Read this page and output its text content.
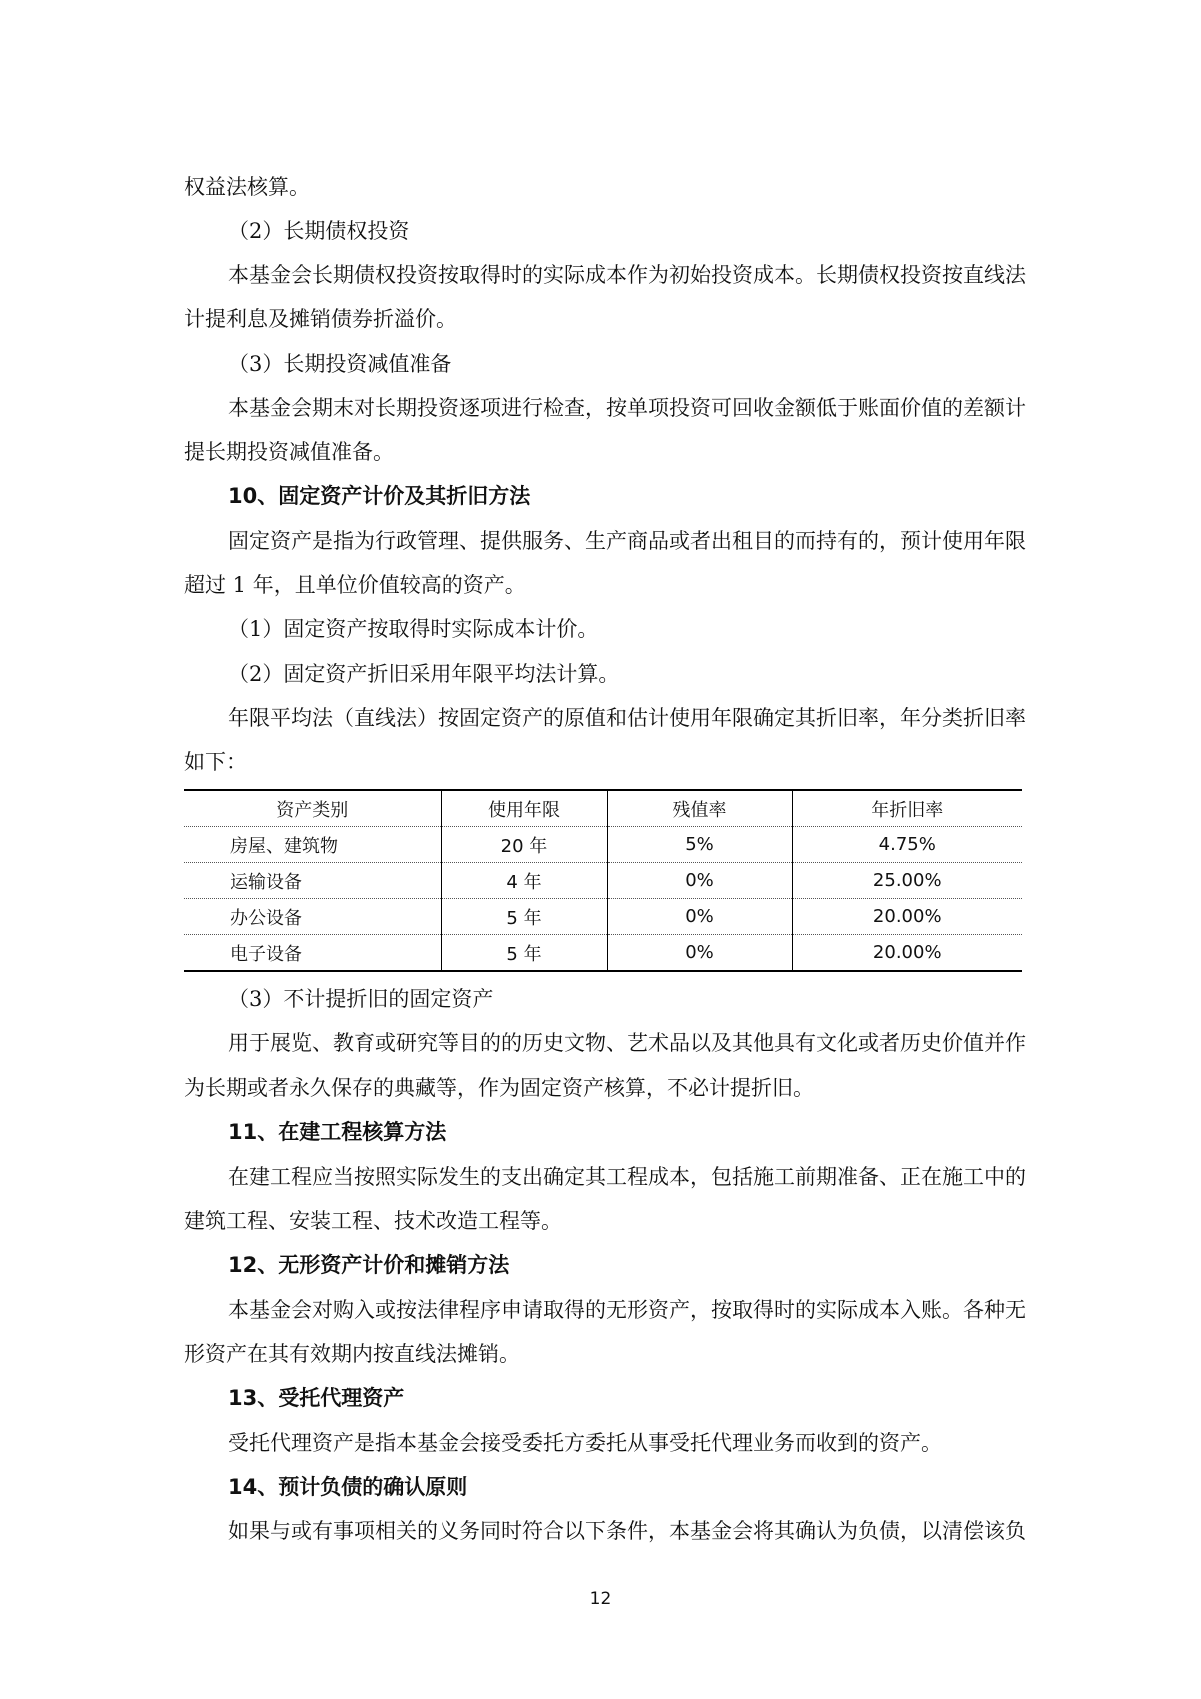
权益法核算。
（2）长期债权投资
本基金会长期债权投资按取得时的实际成本作为初始投资成本。长期债权投资按直线法
计提利息及摊销债券折溢价。
（3）长期投资减值准备
本基金会期末对长期投资逐项进行检查，按单项投资可回收金额低于账面价值的差额计
提长期投资减值准备。
10、固定资产计价及其折旧方法
固定资产是指为行政管理、提供服务、生产商品或者出租目的而持有的，预计使用年限
超过 1 年，且单位价值较高的资产。
（1）固定资产按取得时实际成本计价。
（2）固定资产折旧采用年限平均法计算。
年限平均法（直线法）按固定资产的原值和估计使用年限确定其折旧率，年分类折旧率
如下：
资产类别	使用年限	残值率	年折旧率
房屋、建筑物	20 年	5%	4.75%
运输设备	4 年	0%	25.00%
办公设备	5 年	0%	20.00%
电子设备	5 年	0%	20.00%
（3）不计提折旧的固定资产
用于展览、教育或研究等目的的历史文物、艺术品以及其他具有文化或者历史价值并作
为长期或者永久保存的典藏等，作为固定资产核算，不必计提折旧。
11、在建工程核算方法
在建工程应当按照实际发生的支出确定其工程成本，包括施工前期准备、正在施工中的
建筑工程、安装工程、技术改造工程等。
12、无形资产计价和摊销方法
本基金会对购入或按法律程序申请取得的无形资产，按取得时的实际成本入账。各种无
形资产在其有效期内按直线法摊销。
13、受托代理资产
受托代理资产是指本基金会接受委托方委托从事受托代理业务而收到的资产。
14、预计负债的确认原则
如果与或有事项相关的义务同时符合以下条件，本基金会将其确认为负债，以清偿该负
12
